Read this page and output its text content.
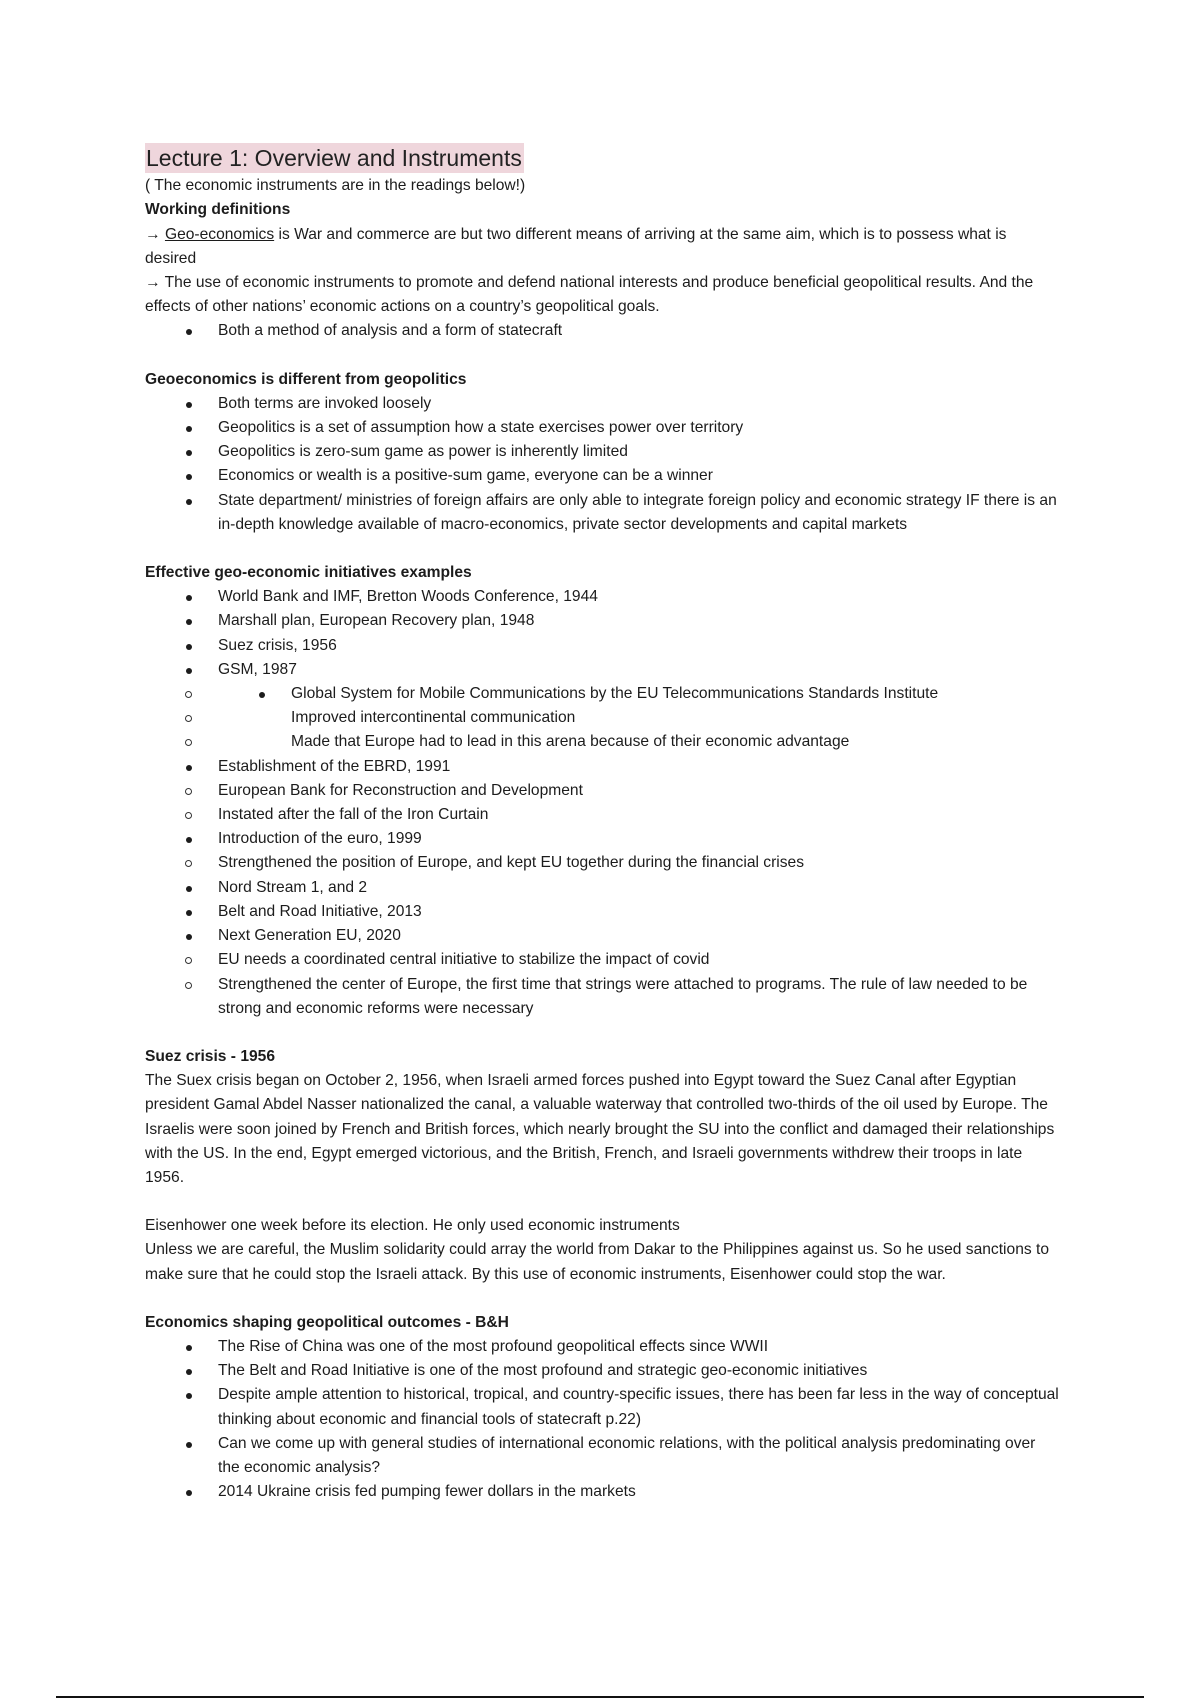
Lecture 1: Overview and Instruments

( The economic instruments are in the readings below!)

Working definitions

→ Geo-economics is War and commerce are but two different means of arriving at the same aim, which is to possess what is desired

→ The use of economic instruments to promote and defend national interests and produce beneficial geopolitical results. And the effects of other nations’ economic actions on a country’s geopolitical goals.

Both a method of analysis and a form of statecraft

Geoeconomics is different from geopolitics

Both terms are invoked loosely
Geopolitics is a set of assumption how a state exercises power over territory
Geopolitics is zero-sum game as power is inherently limited
Economics or wealth is a positive-sum game, everyone can be a winner
State department/ ministries of foreign affairs are only able to integrate foreign policy and economic strategy IF there is an in-depth knowledge available of macro-economics, private sector developments and capital markets

Effective geo-economic initiatives examples

World Bank and IMF, Bretton Woods Conference, 1944
Marshall plan, European Recovery plan, 1948
Suez crisis, 1956
GSM, 1987
Global System for Mobile Communications by the EU Telecommunications Standards Institute
Improved intercontinental communication
Made that Europe had to lead in this arena because of their economic advantage
Establishment of the EBRD, 1991
European Bank for Reconstruction and Development
Instated after the fall of the Iron Curtain
Introduction of the euro, 1999
Strengthened the position of Europe, and kept EU together during the financial crises
Nord Stream 1, and 2
Belt and Road Initiative, 2013
Next Generation EU, 2020
EU needs a coordinated central initiative to stabilize the impact of covid
Strengthened the center of Europe, the first time that strings were attached to programs. The rule of law needed to be strong and economic reforms were necessary

Suez crisis - 1956

The Suex crisis began on October 2, 1956, when Israeli armed forces pushed into Egypt toward the Suez Canal after Egyptian president Gamal Abdel Nasser nationalized the canal, a valuable waterway that controlled two-thirds of the oil used by Europe. The Israelis were soon joined by French and British forces, which nearly brought the SU into the conflict and damaged their relationships with the US. In the end, Egypt emerged victorious, and the British, French, and Israeli governments withdrew their troops in late 1956.

Eisenhower one week before its election. He only used economic instruments

Unless we are careful, the Muslim solidarity could array the world from Dakar to the Philippines against us. So he used sanctions to make sure that he could stop the Israeli attack. By this use of economic instruments, Eisenhower could stop the war.

Economics shaping geopolitical outcomes - B&H

The Rise of China was one of the most profound geopolitical effects since WWII
The Belt and Road Initiative is one of the most profound and strategic geo-economic initiatives
Despite ample attention to historical, tropical, and country-specific issues, there has been far less in the way of conceptual thinking about economic and financial tools of statecraft p.22)
Can we come up with general studies of international economic relations, with the political analysis predominating over the economic analysis?
2014 Ukraine crisis fed pumping fewer dollars in the markets
